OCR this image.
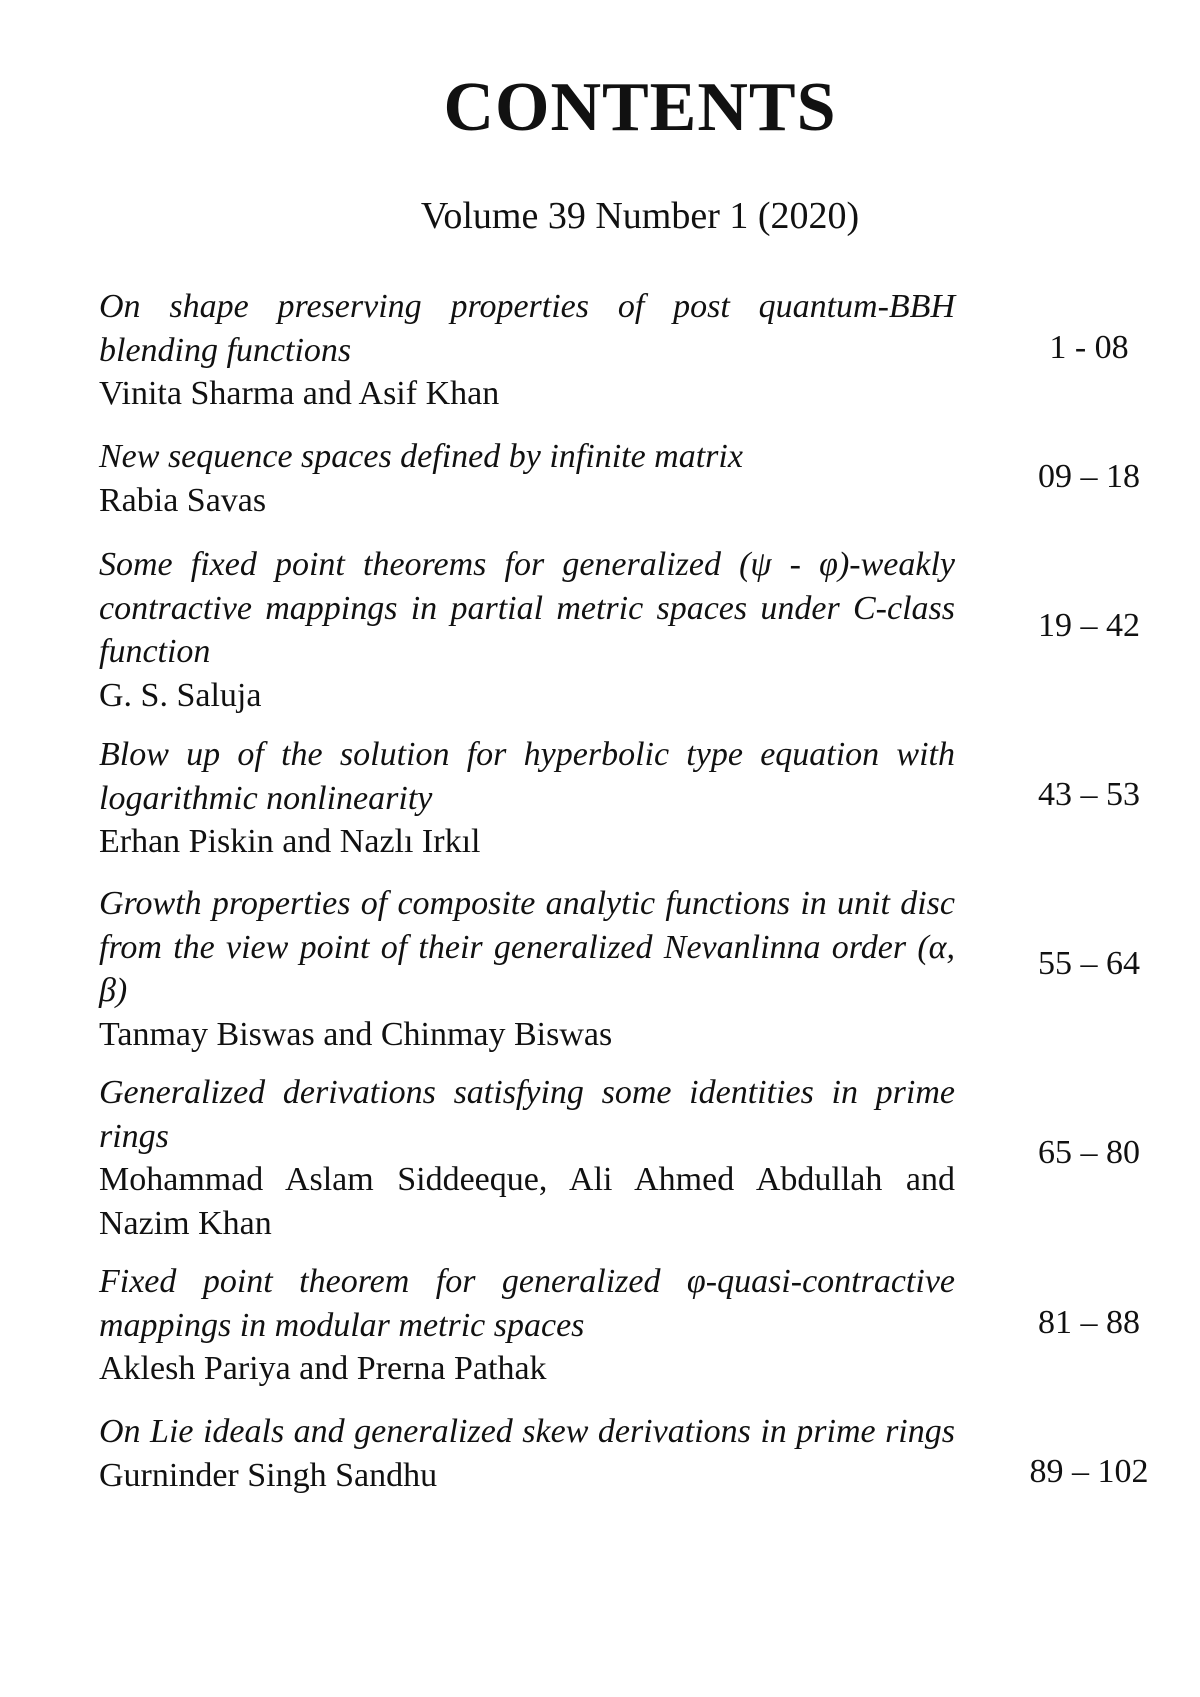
CONTENTS
Volume 39 Number 1 (2020)
On shape preserving properties of post quantum-BBH blending functions
Vinita Sharma and Asif Khan
1 - 08
New sequence spaces defined by infinite matrix
Rabia Savas
09 – 18
Some fixed point theorems for generalized (ψ - φ)-weakly contractive mappings in partial metric spaces under C-class function
G. S. Saluja
19 – 42
Blow up of the solution for hyperbolic type equation with logarithmic nonlinearity
Erhan Piskin and Nazlı Irkıl
43 – 53
Growth properties of composite analytic functions in unit disc from the view point of their generalized Nevanlinna order (α, β)
Tanmay Biswas and Chinmay Biswas
55 – 64
Generalized derivations satisfying some identities in prime rings
Mohammad Aslam Siddeeque, Ali Ahmed Abdullah and Nazim Khan
65 – 80
Fixed point theorem for generalized φ-quasi-contractive mappings in modular metric spaces
Aklesh Pariya and Prerna Pathak
81 – 88
On Lie ideals and generalized skew derivations in prime rings
Gurninder Singh Sandhu	89 – 102
